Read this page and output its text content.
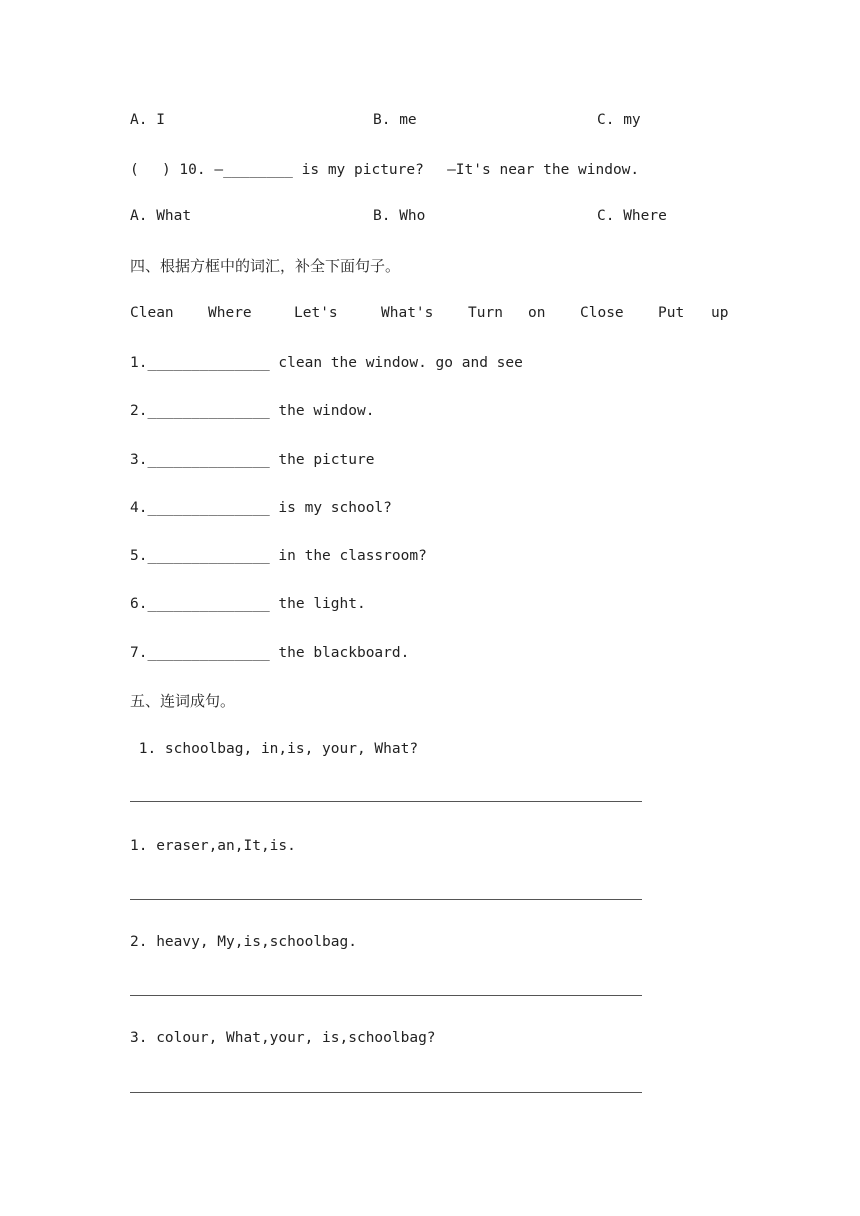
A. I	B. me	C. my
(　 ) 10. —________ is my picture?　 —It's near the window.
A. What	B. Who	C. Where
四、根据方框中的词汇，补全下面句子。
Clean Where	Let's	What's Turn on Close Put up
1.______________ clean the window. go and see
2.______________ the window.
3.______________ the picture
4.______________ is my school?
5.______________ in the classroom?
6.______________ the light.
7.______________ the blackboard.
五、连词成句。
1. schoolbag, in,is, your, What?
1. eraser,an,It,is.
2. heavy, My,is,schoolbag.
3. colour, What,your, is,schoolbag?
